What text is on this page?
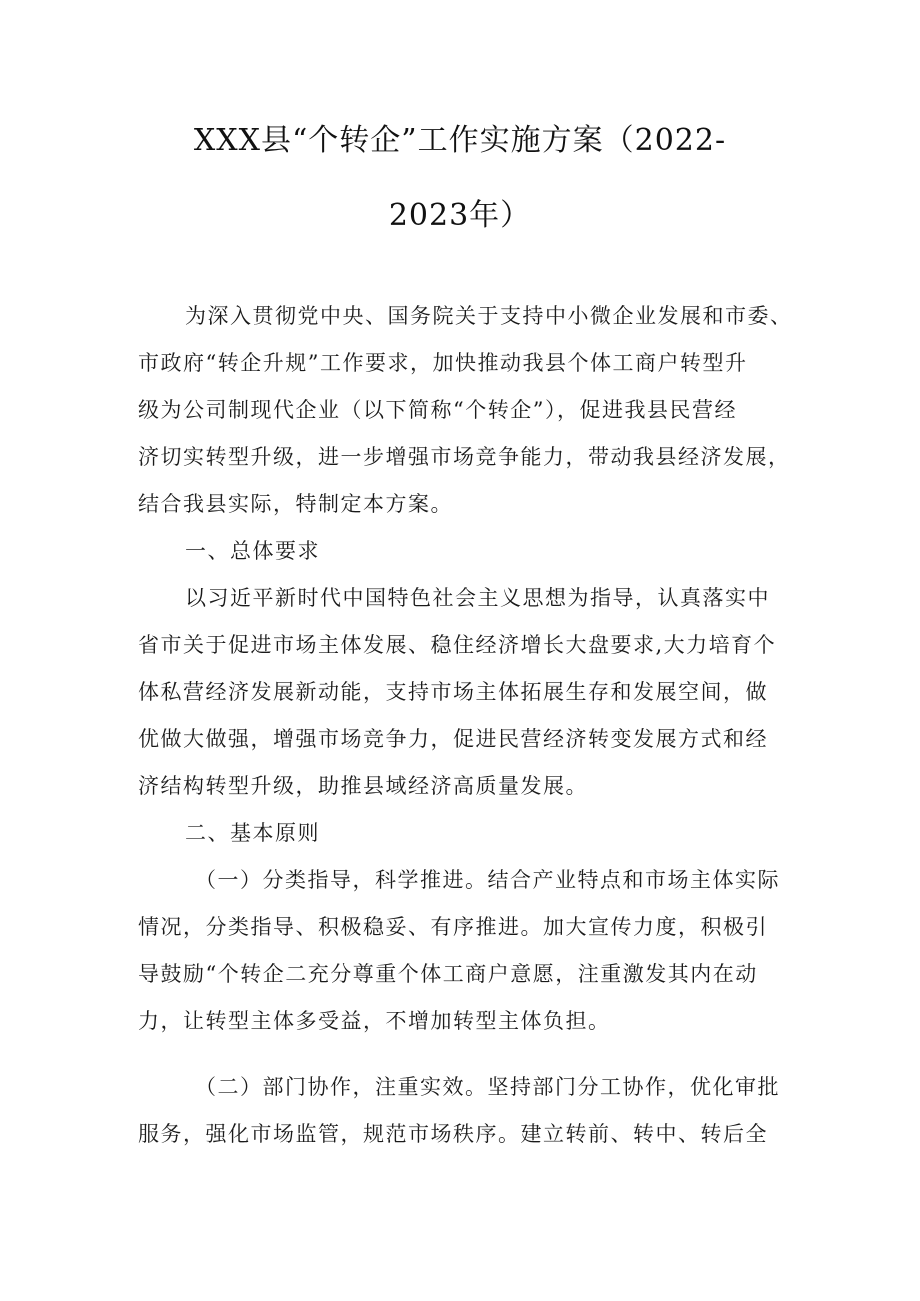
XXX县“个转企”工作实施方案（2022-
2023年）
为深入贯彻党中央、国务院关于支持中小微企业发展和市委、
市政府“转企升规”工作要求，加快推动我县个体工商户转型升
级为公司制现代企业（以下简称“个转企”），促进我县民营经
济切实转型升级，进一步增强市场竞争能力，带动我县经济发展，
结合我县实际，特制定本方案。
一、总体要求
以习近平新时代中国特色社会主义思想为指导，认真落实中
省市关于促进市场主体发展、稳住经济增长大盘要求,大力培育个
体私营经济发展新动能，支持市场主体拓展生存和发展空间，做
优做大做强，增强市场竞争力，促进民营经济转变发展方式和经
济结构转型升级，助推县域经济高质量发展。
二、基本原则
（一）分类指导，科学推进。结合产业特点和市场主体实际
情况，分类指导、积极稳妥、有序推进。加大宣传力度，积极引
导鼓励“个转企二充分尊重个体工商户意愿，注重激发其内在动
力，让转型主体多受益，不增加转型主体负担。
（二）部门协作，注重实效。坚持部门分工协作，优化审批
服务，强化市场监管，规范市场秩序。建立转前、转中、转后全
